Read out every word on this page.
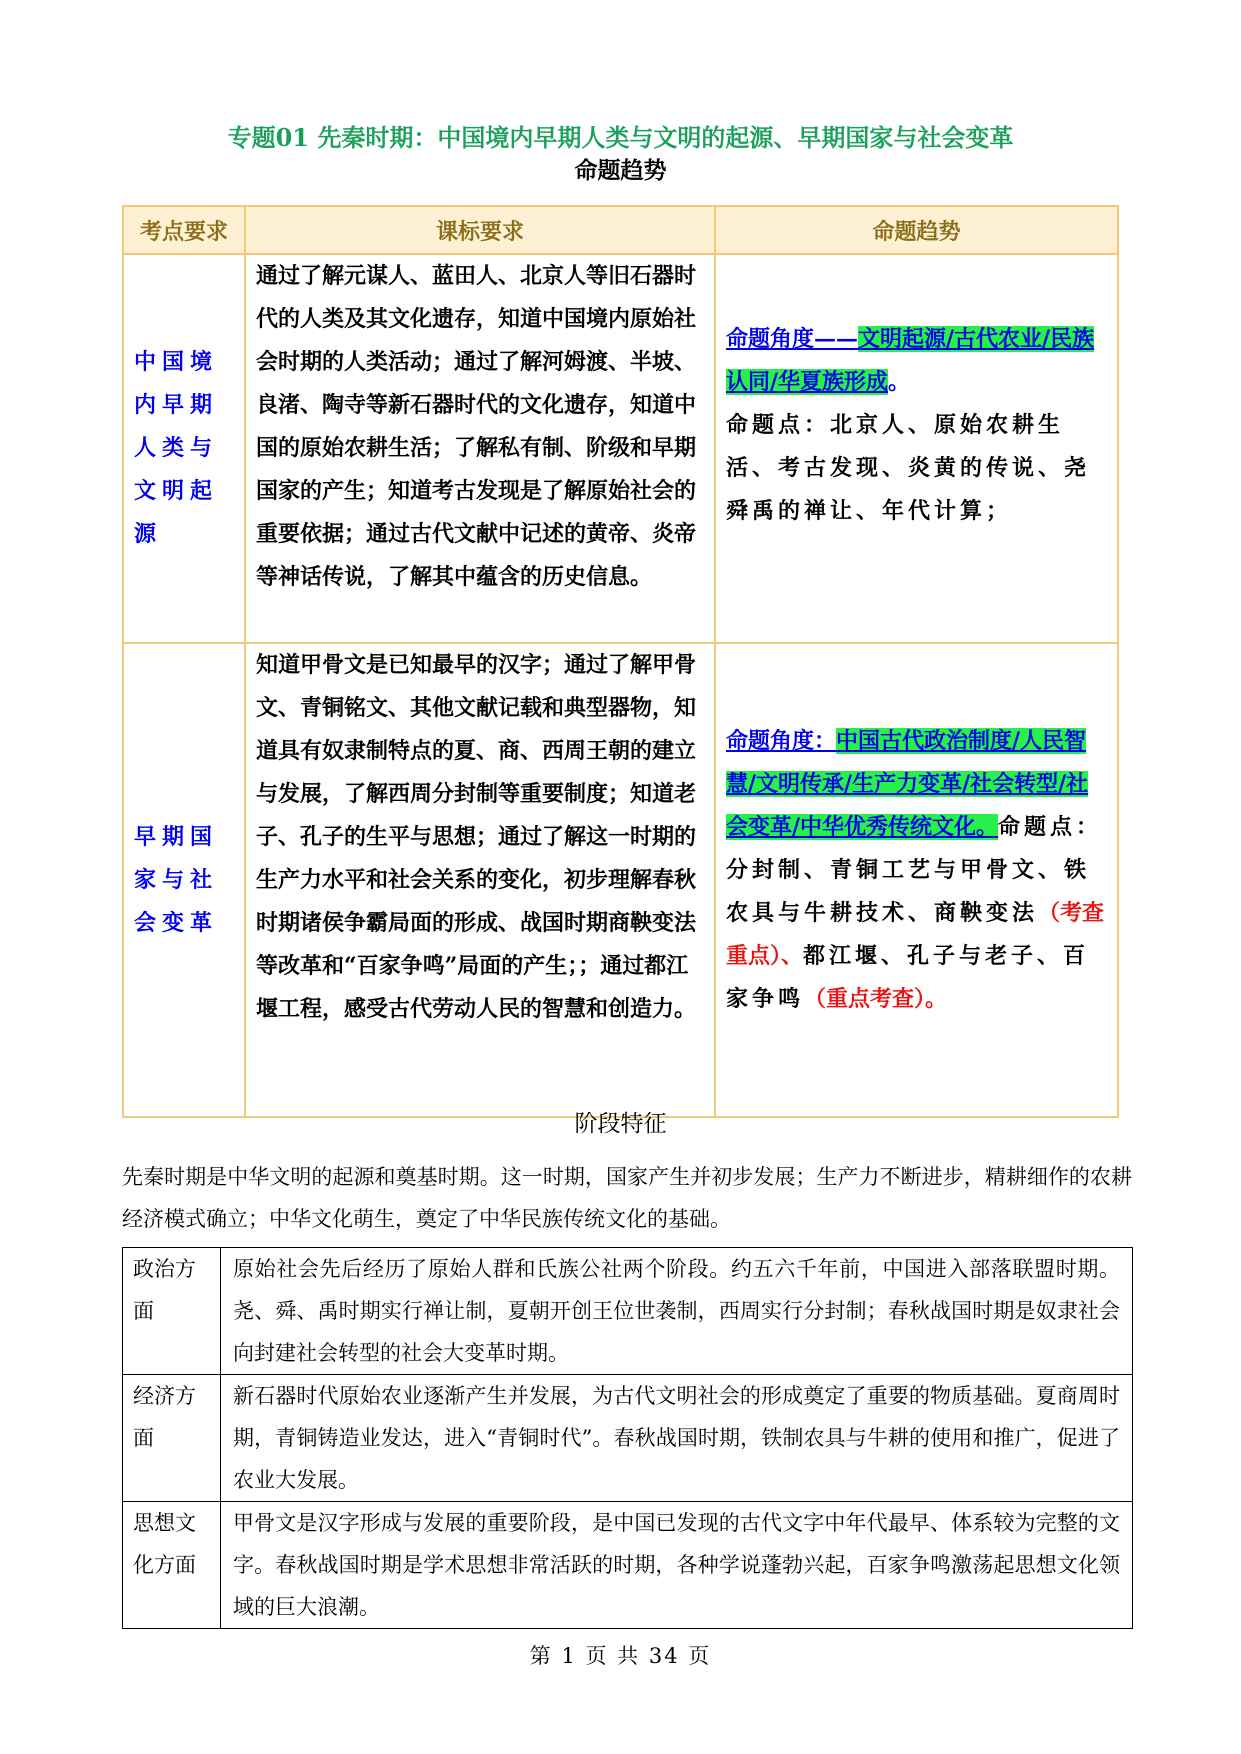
专题01 先秦时期：中国境内早期人类与文明的起源、早期国家与社会变革
命题趋势
考点要求	课标要求	命题趋势
中国境内早期人类与文明起源	通过了解元谋人、蓝田人、北京人等旧石器时代的人类及其文化遗存，知道中国境内原始社会时期的人类活动；通过了解河姆渡、半坡、良渚、陶寺等新石器时代的文化遗存，知道中国的原始农耕生活；了解私有制、阶级和早期国家的产生；知道考古发现是了解原始社会的重要依据；通过古代文献中记述的黄帝、炎帝等神话传说，了解其中蕴含的历史信息。	命题角度——文明起源/古代农业/民族认同/华夏族形成。
命题点：北京人、原始农耕生活、考古发现、炎黄的传说、尧舜禹的禅让、年代计算；

早期国家与社会变革	知道甲骨文是已知最早的汉字；通过了解甲骨文、青铜铭文、其他文献记载和典型器物，知道具有奴隶制特点的夏、商、西周王朝的建立与发展，了解西周分封制等重要制度；知道老子、孔子的生平与思想；通过了解这一时期的生产力水平和社会关系的变化，初步理解春秋时期诸侯争霸局面的形成、战国时期商鞅变法等改革和“百家争鸣”局面的产生；；通过都江堰工程，感受古代劳动人民的智慧和创造力。	命题角度：中国古代政治制度/人民智慧/文明传承/生产力变革/社会转型/社会变革/中华优秀传统文化。命题点：分封制、青铜工艺与甲骨文、铁农具与牛耕技术、商鞅变法（考查重点）、都江堰、孔子与老子、百家争鸣（重点考查）。
阶段特征
先秦时期是中华文明的起源和奠基时期。这一时期，国家产生并初步发展；生产力不断进步，精耕细作的农耕经济模式确立；中华文化萌生，奠定了中华民族传统文化的基础。
政治方面	原始社会先后经历了原始人群和氏族公社两个阶段。约五六千年前，中国进入部落联盟时期。尧、舜、禹时期实行禅让制，夏朝开创王位世袭制，西周实行分封制；春秋战国时期是奴隶社会向封建社会转型的社会大变革时期。
经济方面	新石器时代原始农业逐渐产生并发展，为古代文明社会的形成奠定了重要的物质基础。夏商周时期，青铜铸造业发达，进入“青铜时代”。春秋战国时期，铁制农具与牛耕的使用和推广，促进了农业大发展。
思想文化方面	甲骨文是汉字形成与发展的重要阶段，是中国已发现的古代文字中年代最早、体系较为完整的文字。春秋战国时期是学术思想非常活跃的时期，各种学说蓬勃兴起，百家争鸣激荡起思想文化领域的巨大浪潮。
第 1 页 共 34 页
